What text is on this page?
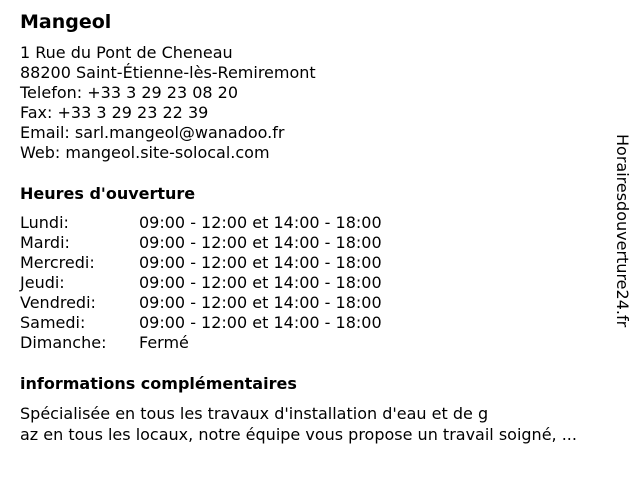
Mangeol
1 Rue du Pont de Cheneau
88200 Saint-Étienne-lès-Remiremont
Telefon: +33 3 29 23 08 20
Fax: +33 3 29 23 22 39
Email: sarl.mangeol@wanadoo.fr
Web: mangeol.site-solocal.com
Heures d'ouverture
Lundi:	09:00 - 12:00 et 14:00 - 18:00
Mardi:	09:00 - 12:00 et 14:00 - 18:00
Mercredi:	09:00 - 12:00 et 14:00 - 18:00
Jeudi:	09:00 - 12:00 et 14:00 - 18:00
Vendredi:	09:00 - 12:00 et 14:00 - 18:00
Samedi:	09:00 - 12:00 et 14:00 - 18:00
Dimanche: Fermé
informations complémentaires
Spécialisée en tous les travaux d'installation d'eau et de g
az en tous les locaux, notre équipe vous propose un travail soigné, ...
Horairesdouverture24.fr
